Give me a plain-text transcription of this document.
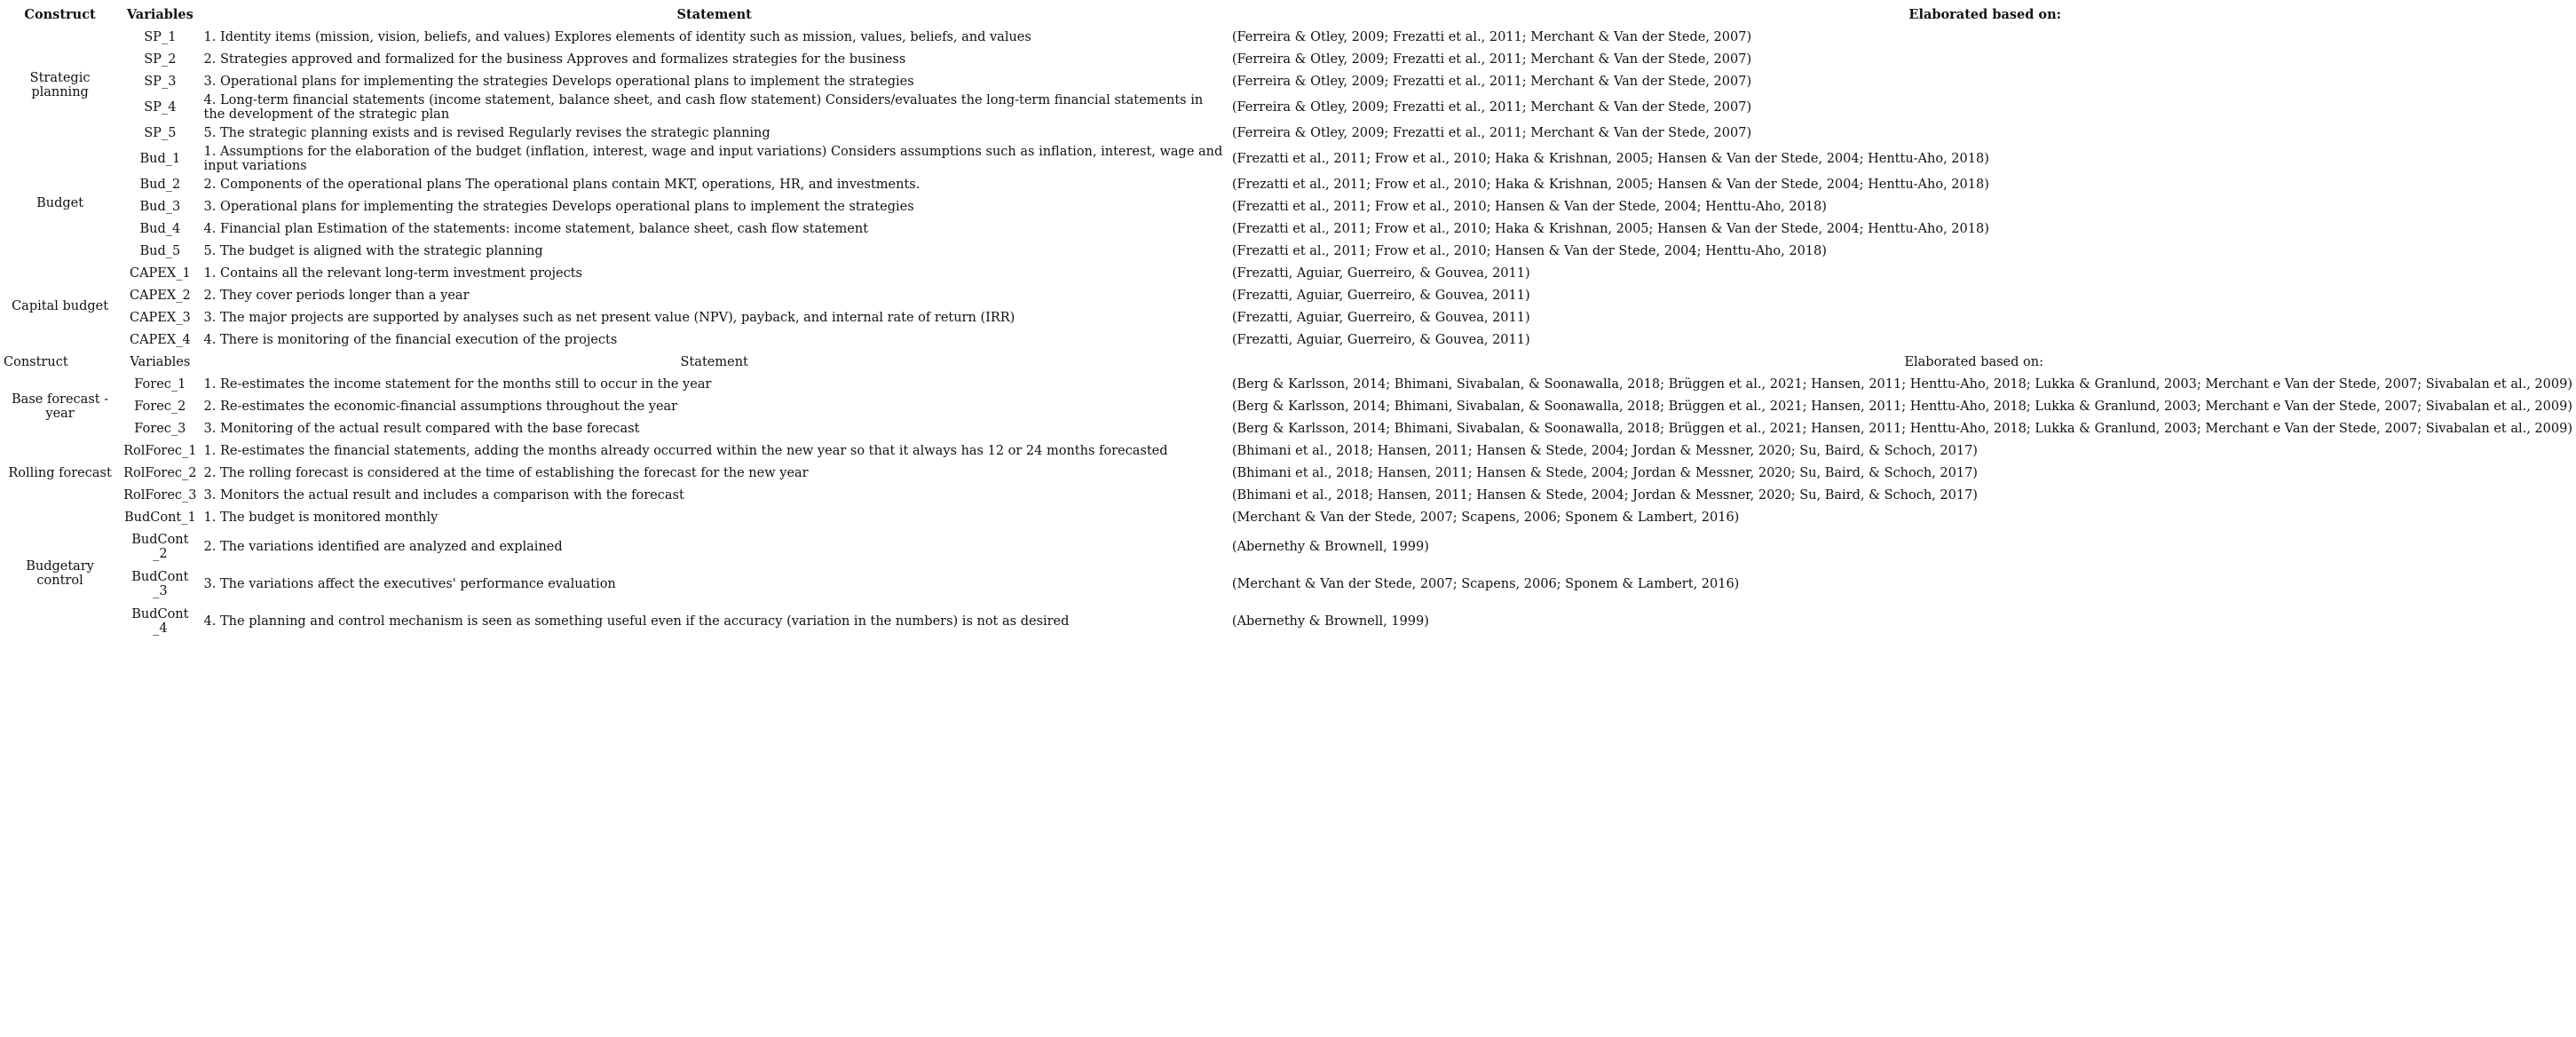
Construct	Variables	Statement	Elaborated based on:
Strategic planning	SP_1	1. Identity items (mission, vision, beliefs, and values) Explores elements of identity such as mission, values, beliefs, and values	(Ferreira & Otley, 2009; Frezatti et al., 2011; Merchant & Van der Stede, 2007)
	SP_2	2. Strategies approved and formalized for the business Approves and formalizes strategies for the business	(Ferreira & Otley, 2009; Frezatti et al., 2011; Merchant & Van der Stede, 2007)
	SP_3	3. Operational plans for implementing the strategies Develops operational plans to implement the strategies	(Ferreira & Otley, 2009; Frezatti et al., 2011; Merchant & Van der Stede, 2007)
	SP_4	4. Long-term financial statements (income statement, balance sheet, and cash flow statement) Considers/evaluates the long-term financial statements in the development of the strategic plan	(Ferreira & Otley, 2009; Frezatti et al., 2011; Merchant & Van der Stede, 2007)
	SP_5	5. The strategic planning exists and is revised Regularly revises the strategic planning	(Ferreira & Otley, 2009; Frezatti et al., 2011; Merchant & Van der Stede, 2007)
Budget	Bud_1	1. Assumptions for the elaboration of the budget (inflation, interest, wage and input variations) Considers assumptions such as inflation, interest, wage and input variations	(Frezatti et al., 2011; Frow et al., 2010; Haka & Krishnan, 2005; Hansen & Van der Stede, 2004; Henttu-Aho, 2018)
	Bud_2	2. Components of the operational plans The operational plans contain MKT, operations, HR, and investments.	(Frezatti et al., 2011; Frow et al., 2010; Haka & Krishnan, 2005; Hansen & Van der Stede, 2004; Henttu-Aho, 2018)
	Bud_3	3. Operational plans for implementing the strategies Develops operational plans to implement the strategies	(Frezatti et al., 2011; Frow et al., 2010; Hansen & Van der Stede, 2004; Henttu-Aho, 2018)
	Bud_4	4. Financial plan Estimation of the statements: income statement, balance sheet, cash flow statement	(Frezatti et al., 2011; Frow et al., 2010; Haka & Krishnan, 2005; Hansen & Van der Stede, 2004; Henttu-Aho, 2018)
	Bud_5	5. The budget is aligned with the strategic planning	(Frezatti et al., 2011; Frow et al., 2010; Hansen & Van der Stede, 2004; Henttu-Aho, 2018)
Capital budget	CAPEX_1	1. Contains all the relevant long-term investment projects	(Frezatti, Aguiar, Guerreiro, & Gouvea, 2011)
	CAPEX_2	2. They cover periods longer than a year	(Frezatti, Aguiar, Guerreiro, & Gouvea, 2011)
	CAPEX_3	3. The major projects are supported by analyses such as net present value (NPV), payback, and internal rate of return (IRR)	(Frezatti, Aguiar, Guerreiro, & Gouvea, 2011)
	CAPEX_4	4. There is monitoring of the financial execution of the projects	(Frezatti, Aguiar, Guerreiro, & Gouvea, 2011)
Construct	Variables	Statement	Elaborated based on:
Base forecast - year	Forec_1	1. Re-estimates the income statement for the months still to occur in the year	(Berg & Karlsson, 2014; Bhimani, Sivabalan, & Soonawalla, 2018; Brüggen et al., 2021; Hansen, 2011; Henttu-Aho, 2018; Lukka & Granlund, 2003; Merchant e Van der Stede, 2007; Sivabalan et al., 2009)
	Forec_2	2. Re-estimates the economic-financial assumptions throughout the year	(Berg & Karlsson, 2014; Bhimani, Sivabalan, & Soonawalla, 2018; Brüggen et al., 2021; Hansen, 2011; Henttu-Aho, 2018; Lukka & Granlund, 2003; Merchant e Van der Stede, 2007; Sivabalan et al., 2009)
	Forec_3	3. Monitoring of the actual result compared with the base forecast	(Berg & Karlsson, 2014; Bhimani, Sivabalan, & Soonawalla, 2018; Brüggen et al., 2021; Hansen, 2011; Henttu-Aho, 2018; Lukka & Granlund, 2003; Merchant e Van der Stede, 2007; Sivabalan et al., 2009)
Rolling forecast	RolForec_1	1. Re-estimates the financial statements, adding the months already occurred within the new year so that it always has 12 or 24 months forecasted	(Bhimani et al., 2018; Hansen, 2011; Hansen & Stede, 2004; Jordan & Messner, 2020; Su, Baird, & Schoch, 2017)
	RolForec_2	2. The rolling forecast is considered at the time of establishing the forecast for the new year	(Bhimani et al., 2018; Hansen, 2011; Hansen & Stede, 2004; Jordan & Messner, 2020; Su, Baird, & Schoch, 2017)
	RolForec_3	3. Monitors the actual result and includes a comparison with the forecast	(Bhimani et al., 2018; Hansen, 2011; Hansen & Stede, 2004; Jordan & Messner, 2020; Su, Baird, & Schoch, 2017)
Budgetary control	BudCont_1	1. The budget is monitored monthly	(Merchant & Van der Stede, 2007; Scapens, 2006; Sponem & Lambert, 2016)
	BudCont _2	2. The variations identified are analyzed and explained	(Abernethy & Brownell, 1999)
	BudCont _3	3. The variations affect the executives' performance evaluation	(Merchant & Van der Stede, 2007; Scapens, 2006; Sponem & Lambert, 2016)
	BudCont _4	4. The planning and control mechanism is seen as something useful even if the accuracy (variation in the numbers) is not as desired	(Abernethy & Brownell, 1999)
